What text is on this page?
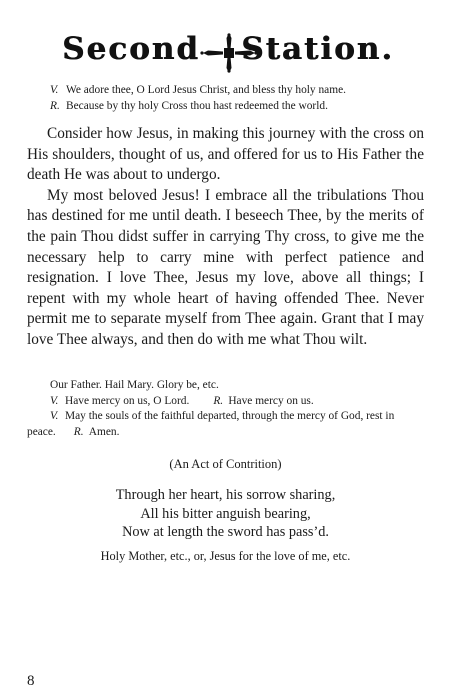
Second Station.
V. We adore thee, O Lord Jesus Christ, and bless thy holy name.
R. Because by thy holy Cross thou hast redeemed the world.

Consider how Jesus, in making this journey with the cross on His shoulders, thought of us, and offered for us to His Father the death He was about to undergo.

My most beloved Jesus! I embrace all the tribulations Thou has destined for me until death. I beseech Thee, by the merits of the pain Thou didst suffer in carrying Thy cross, to give me the necessary help to carry mine with perfect patience and resignation. I love Thee, Jesus my love, above all things; I repent with my whole heart of having offended Thee. Never permit me to separate myself from Thee again. Grant that I may love Thee always, and then do with me what Thou wilt.

Our Father. Hail Mary. Glory be, etc.
V. Have mercy on us, O Lord. R. Have mercy on us.
V. May the souls of the faithful departed, through the mercy of God, rest in
peace. R. Amen.
(An Act of Contrition)
Through her heart, his sorrow sharing,
All his bitter anguish bearing,
Now at length the sword has pass’d.
Holy Mother, etc., or, Jesus for the love of me, etc.
8
